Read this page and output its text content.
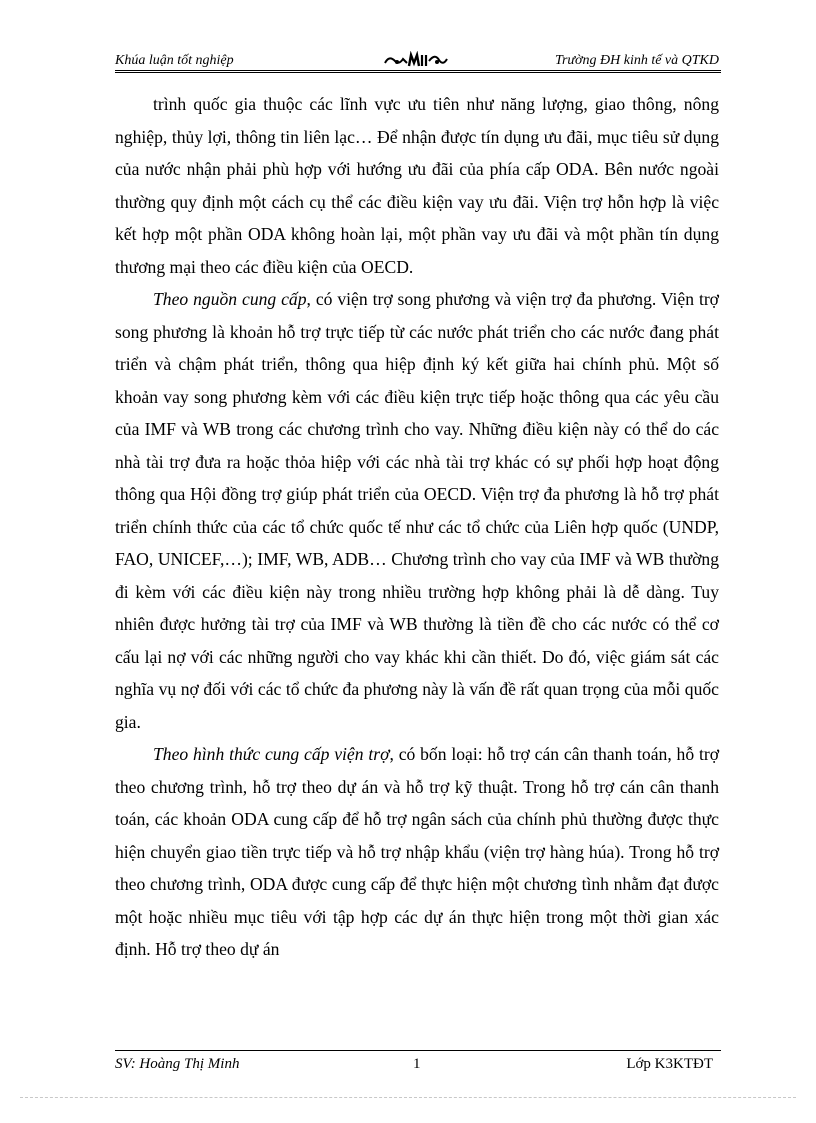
Khúa luận tốt nghiệp	Trường ĐH kinh tế và QTKD

trình quốc gia thuộc các lĩnh vực ưu tiên như năng lượng, giao thông, nông nghiệp, thủy lợi, thông tin liên lạc… Để nhận được tín dụng ưu đãi, mục tiêu sử dụng của nước nhận phải phù hợp với hướng ưu đãi của phía cấp ODA. Bên nước ngoài thường quy định một cách cụ thể các điều kiện vay ưu đãi. Viện trợ hỗn hợp là việc kết hợp một phần ODA không hoàn lại, một phần vay ưu đãi và một phần tín dụng thương mại theo các điều kiện của OECD.

Theo nguồn cung cấp, có viện trợ song phương và viện trợ đa phương. Viện trợ song phương là khoản hỗ trợ trực tiếp từ các nước phát triển cho các nước đang phát triển và chậm phát triển, thông qua hiệp định ký kết giữa hai chính phủ. Một số khoản vay song phương kèm với các điều kiện trực tiếp hoặc thông qua các yêu cầu của IMF và WB trong các chương trình cho vay. Những điều kiện này có thể do các nhà tài trợ đưa ra hoặc thỏa hiệp với các nhà tài trợ khác có sự phối hợp hoạt động thông qua Hội đồng trợ giúp phát triển của OECD. Viện trợ đa phương là hỗ trợ phát triển chính thức của các tổ chức quốc tế như các tổ chức của Liên hợp quốc (UNDP, FAO, UNICEF,…); IMF, WB, ADB… Chương trình cho vay của IMF và WB thường đi kèm với các điều kiện này trong nhiều trường hợp không phải là dễ dàng. Tuy nhiên được hưởng tài trợ của IMF và WB thường là tiền đề cho các nước có thể cơ cấu lại nợ với các những người cho vay khác khi cần thiết. Do đó, việc giám sát các nghĩa vụ nợ đối với các tổ chức đa phương này là vấn đề rất quan trọng của mỗi quốc gia.

Theo hình thức cung cấp viện trợ, có bốn loại: hỗ trợ cán cân thanh toán, hỗ trợ theo chương trình, hỗ trợ theo dự án và hỗ trợ kỹ thuật. Trong hỗ trợ cán cân thanh toán, các khoản ODA cung cấp để hỗ trợ ngân sách của chính phủ thường được thực hiện chuyển giao tiền trực tiếp và hỗ trợ nhập khẩu (viện trợ hàng húa). Trong hỗ trợ theo chương trình, ODA được cung cấp để thực hiện một chương tình nhằm đạt được một hoặc nhiều mục tiêu với tập hợp các dự án thực hiện trong một thời gian xác định. Hỗ trợ theo dự án

SV: Hoàng Thị Minh	1	Lớp K3KTĐT
